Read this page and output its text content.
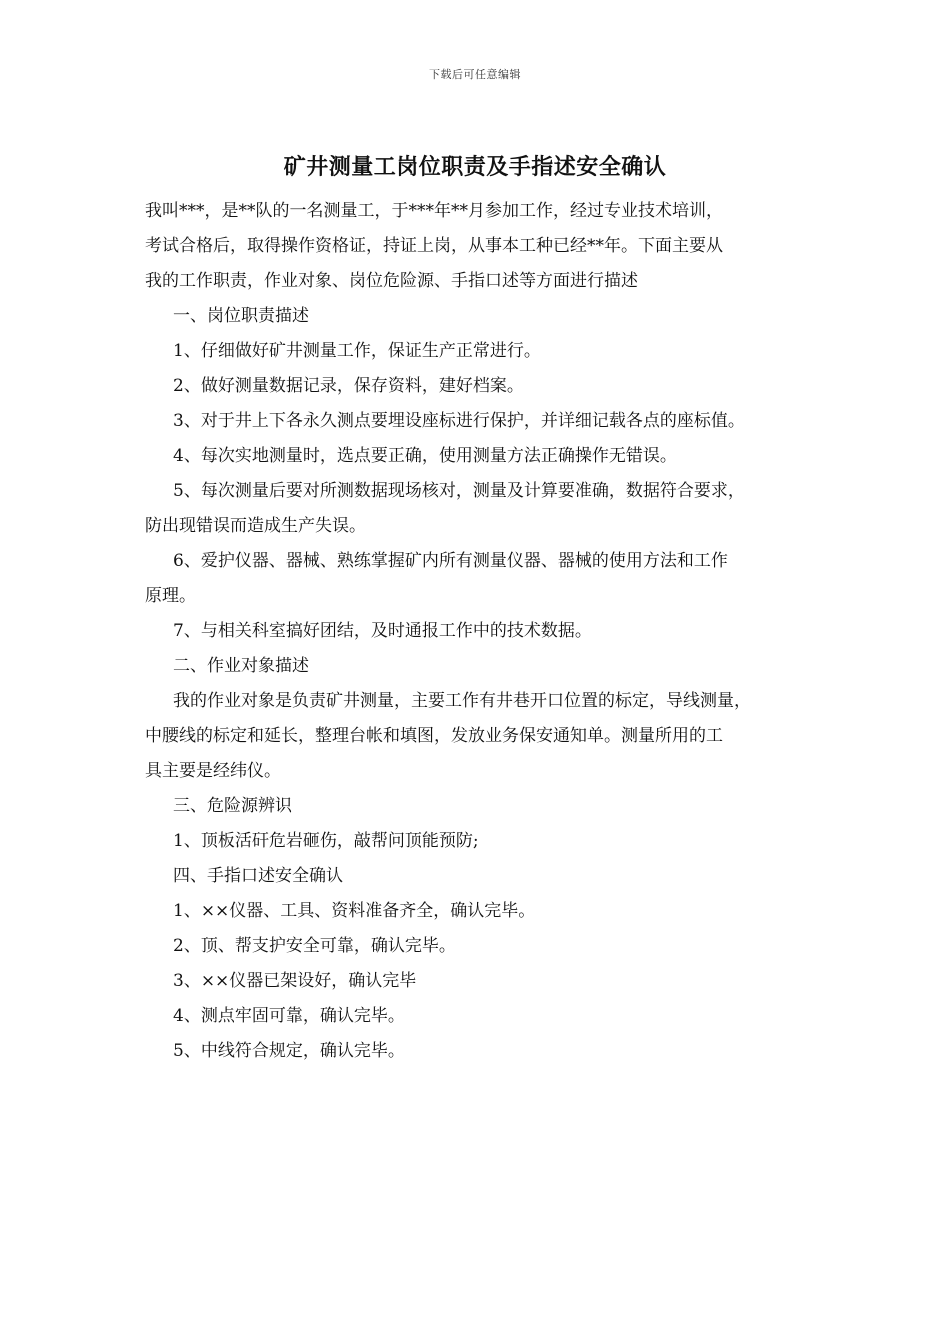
下载后可任意编辑
矿井测量工岗位职责及手指述安全确认
我叫***，是**队的一名测量工，于***年**月参加工作，经过专业技术培训，
考试合格后，取得操作资格证，持证上岗，从事本工种已经**年。下面主要从
我的工作职责，作业对象、岗位危险源、手指口述等方面进行描述
一、岗位职责描述
1、仔细做好矿井测量工作，保证生产正常进行。
2、做好测量数据记录，保存资料，建好档案。
3、对于井上下各永久测点要埋设座标进行保护，并详细记载各点的座标值。
4、每次实地测量时，选点要正确，使用测量方法正确操作无错误。
5、每次测量后要对所测数据现场核对，测量及计算要准确，数据符合要求，
防出现错误而造成生产失误。
6、爱护仪器、器械、熟练掌握矿内所有测量仪器、器械的使用方法和工作
原理。
7、与相关科室搞好团结，及时通报工作中的技术数据。
二、作业对象描述
我的作业对象是负责矿井测量，主要工作有井巷开口位置的标定，导线测量，
中腰线的标定和延长，整理台帐和填图，发放业务保安通知单。测量所用的工
具主要是经纬仪。
三、危险源辨识
1、顶板活矸危岩砸伤，敲帮问顶能预防;
四、手指口述安全确认
1、××仪器、工具、资料准备齐全，确认完毕。
2、顶、帮支护安全可靠，确认完毕。
3、××仪器已架设好，确认完毕
4、测点牢固可靠，确认完毕。
5、中线符合规定，确认完毕。
